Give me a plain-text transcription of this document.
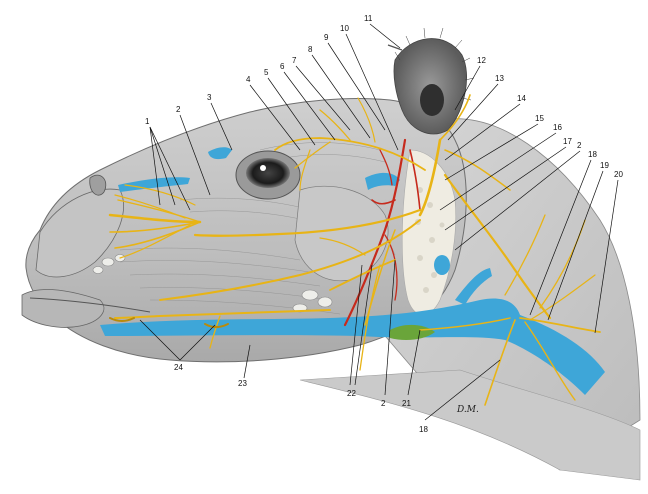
1
2
3
4
5
6
7
8
9
10
11
12
13
14
15
16
17 2
18
19
20
24
23
22
2 21
18
D.M.
